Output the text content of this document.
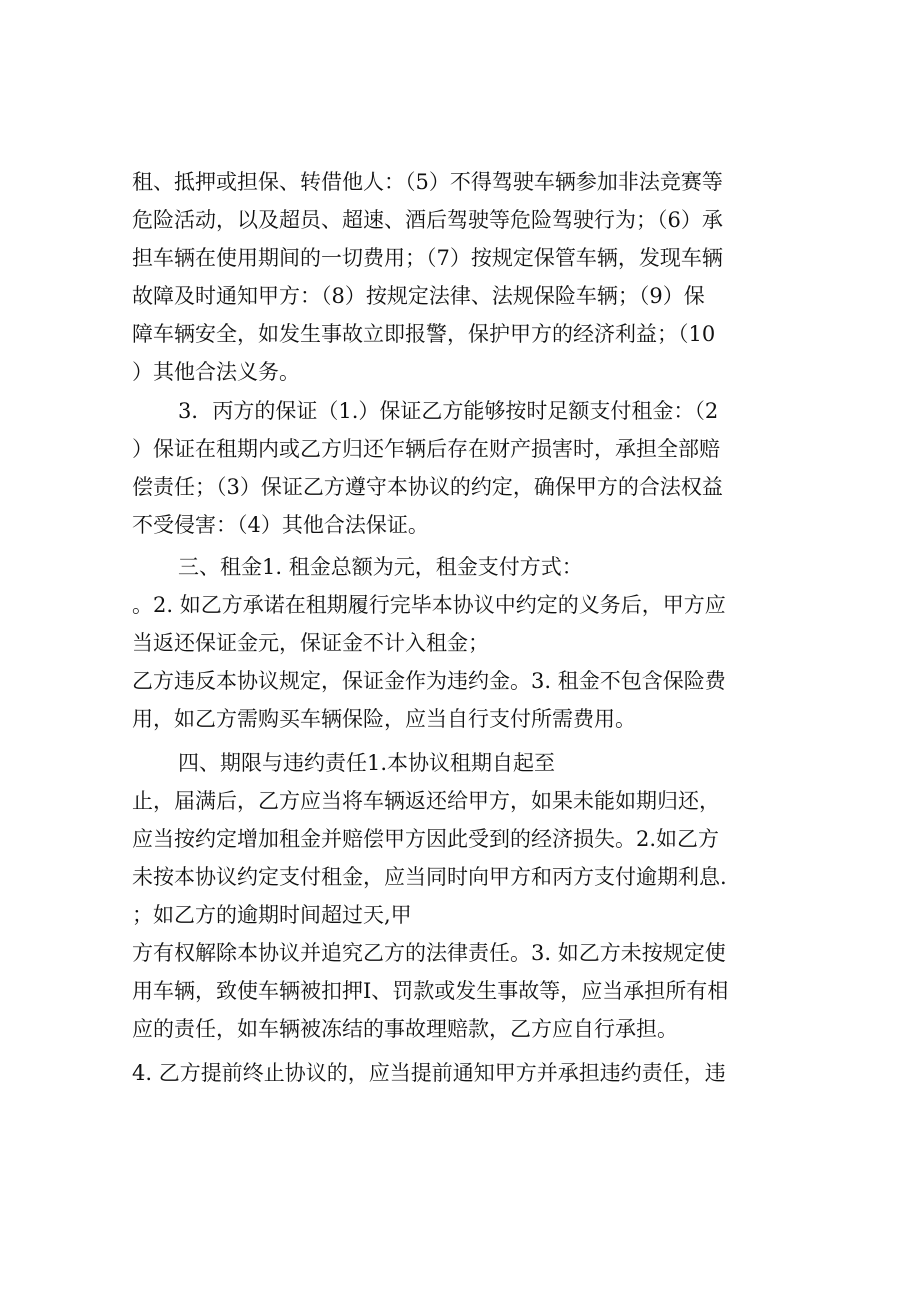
租、抵押或担保、转借他人：（5）不得驾驶车辆参加非法竞赛等
危险活动，以及超员、超速、酒后驾驶等危险驾驶行为；（6）承
担车辆在使用期间的一切费用；（7）按规定保管车辆，发现车辆
故障及时通知甲方：（8）按规定法律、法规保险车辆；（9）保
障车辆安全，如发生事故立即报警，保护甲方的经济利益；（10
）其他合法义务。
3．丙方的保证（1.）保证乙方能够按时足额支付租金：（2
）保证在租期内或乙方归还乍辆后存在财产损害时，承担全部赔
偿责任；（3）保证乙方遵守本协议的约定，确保甲方的合法权益
不受侵害：（4）其他合法保证。
三、租金1. 租金总额为元，租金支付方式：
。2. 如乙方承诺在租期履行完毕本协议中约定的义务后，甲方应
当返还保证金元，保证金不计入租金；
乙方违反本协议规定，保证金作为违约金。3. 租金不包含保险费
用，如乙方需购买车辆保险，应当自行支付所需费用。
四、期限与违约责任1.本协议租期自起至
止，届满后，乙方应当将车辆返还给甲方，如果未能如期归还，
应当按约定增加租金并赔偿甲方因此受到的经济损失。2.如乙方
未按本协议约定支付租金，应当同时向甲方和丙方支付逾期利息.
；如乙方的逾期时间超过天,甲
方有权解除本协议并追究乙方的法律责任。3. 如乙方未按规定使
用车辆，致使车辆被扣押I、罚款或发生事故等，应当承担所有相
应的责任，如车辆被冻结的事故理赔款，乙方应自行承担。
4. 乙方提前终止协议的，应当提前通知甲方并承担违约责任，违
